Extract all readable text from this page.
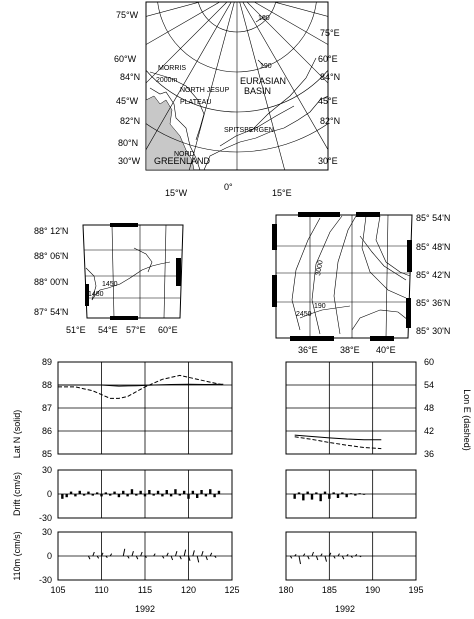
75°W
60°W
45°W
30°W
15°W
0°
15°E
30°E
45°E
60°E
75°E
84°N
82°N
80°N
84°N
82°N
EURASIAN
BASIN
NORTH JESUP
PLATEAU
GREENLAND
NORD
MORRIS
SPITSBERGEN
190
160
2000m
1480
1450
88° 12'N
88° 06'N
88° 00'N
87° 54'N
51°E 54°E 57°E 60°E
3000
2450
190
85° 54'N
85° 48'N
85° 42'N
85° 36'N
85° 30'N
36°E 38°E 40°E
85
86
87
88
89
36
42
48
54
60
-30
0
30
-30
0
30
105	110	115	120	125	180	185	190	195
Lat N (solid)	Lon E (dashed)
Drift (cm/s)
110m (cm/s)
1992	1992
